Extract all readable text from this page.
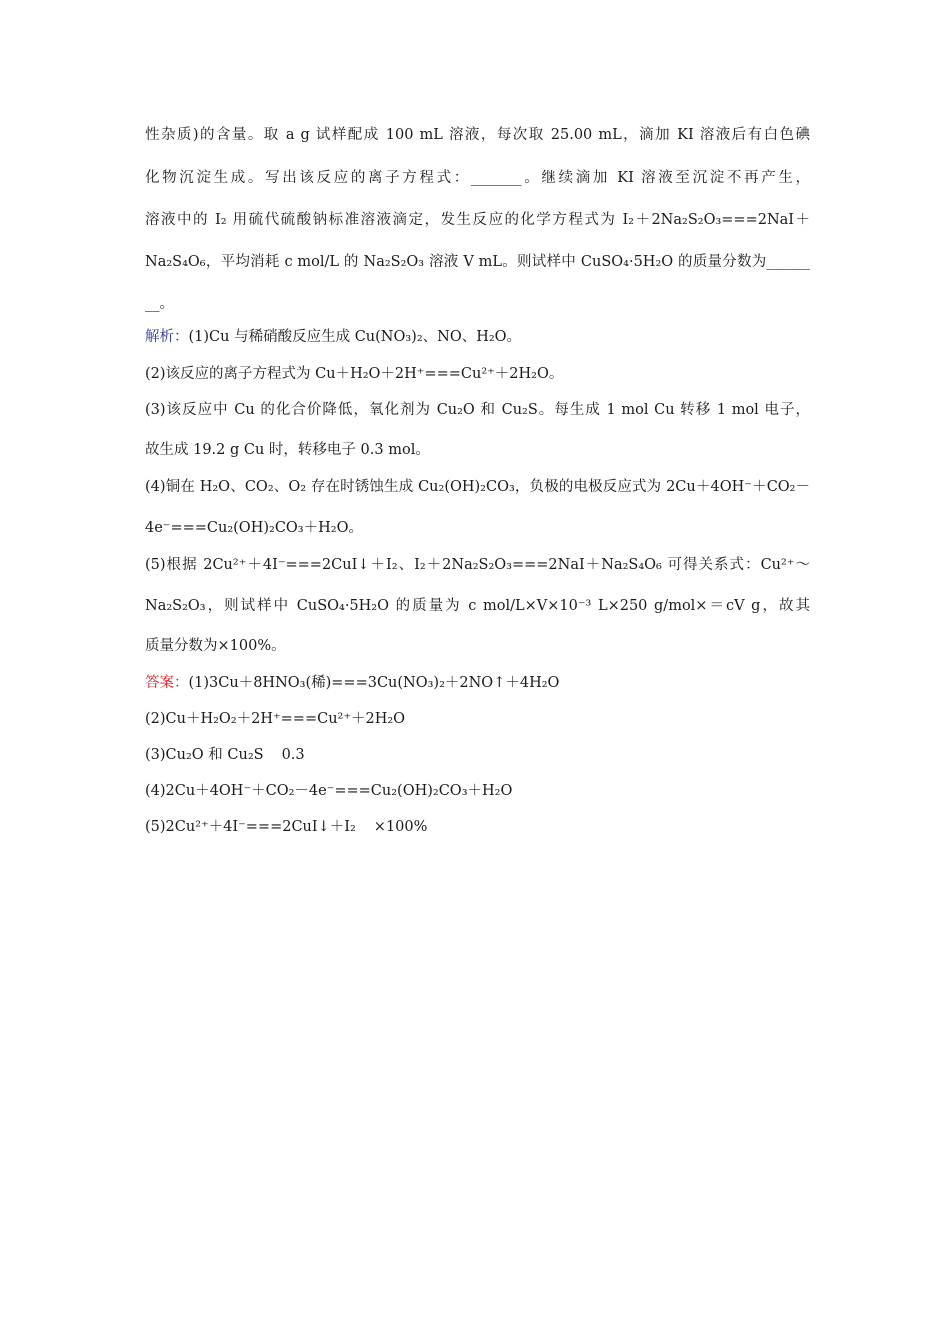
性杂质)的含量。取 a g 试样配成 100 mL 溶液，每次取 25.00 mL，滴加 KI 溶液后有白色碘
化物沉淀生成。写出该反应的离子方程式：_______。继续滴加 KI 溶液至沉淀不再产生，
溶液中的 I₂ 用硫代硫酸钠标准溶液滴定，发生反应的化学方程式为 I₂＋2Na₂S₂O₃===2NaI＋
Na₂S₄O₆，平均消耗 c mol/L 的 Na₂S₂O₃ 溶液 V mL。则试样中 CuSO₄·5H₂O 的质量分数为______
__。
解析：(1)Cu 与稀硝酸反应生成 Cu(NO₃)₂、NO、H₂O。
(2)该反应的离子方程式为 Cu＋H₂O＋2H⁺===Cu²⁺＋2H₂O。
(3)该反应中 Cu 的化合价降低，氧化剂为 Cu₂O 和 Cu₂S。每生成 1 mol Cu 转移 1 mol 电子，
故生成 19.2 g Cu 时，转移电子 0.3 mol。
(4)铜在 H₂O、CO₂、O₂ 存在时锈蚀生成 Cu₂(OH)₂CO₃，负极的电极反应式为 2Cu＋4OH⁻＋CO₂－
4e⁻===Cu₂(OH)₂CO₃＋H₂O。
(5)根据 2Cu²⁺＋4I⁻===2CuI↓＋I₂、I₂＋2Na₂S₂O₃===2NaI＋Na₂S₄O₆ 可得关系式：Cu²⁺～
Na₂S₂O₃，则试样中 CuSO₄·5H₂O 的质量为 c mol/L×V×10⁻³ L×250 g/mol×＝cV g，故其
质量分数为×100%。
答案：(1)3Cu＋8HNO₃(稀)===3Cu(NO₃)₂＋2NO↑＋4H₂O
(2)Cu＋H₂O₂＋2H⁺===Cu²⁺＋2H₂O
(3)Cu₂O 和 Cu₂S 0.3
(4)2Cu＋4OH⁻＋CO₂－4e⁻===Cu₂(OH)₂CO₃＋H₂O
(5)2Cu²⁺＋4I⁻===2CuI↓＋I₂ ×100%
